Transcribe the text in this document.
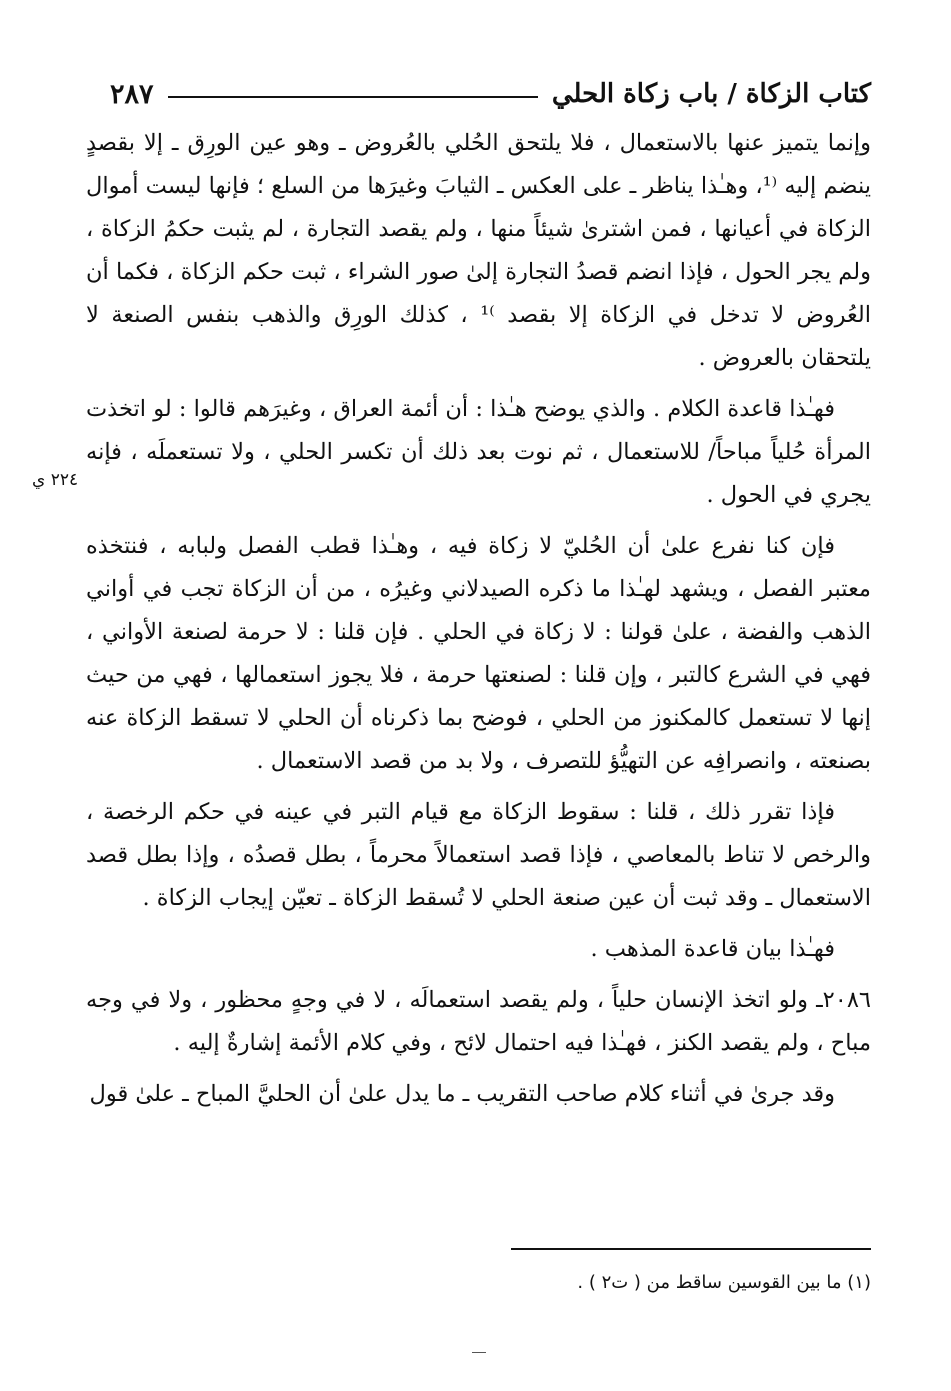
كتاب الزكاة / باب زكاة الحلي
٢٨٧

وإنما يتميز عنها بالاستعمال ، فلا يلتحق الحُلي بالعُروض ـ وهو عين الورِق ـ إلا بقصدٍ ينضم إليه ⁽¹، وهـٰذا يناظر ـ على العكس ـ الثيابَ وغيرَها من السلع ؛ فإنها ليست أموال الزكاة في أعيانها ، فمن اشترىٰ شيئاً منها ، ولم يقصد التجارة ، لم يثبت حكمُ الزكاة ، ولم يجر الحول ، فإذا انضم قصدُ التجارة إلىٰ صور الشراء ، ثبت حكم الزكاة ، فكما أن العُروض لا تدخل في الزكاة إلا بقصد ⁾¹ ، كذلك الورِق والذهب بنفس الصنعة لا يلتحقان بالعروض .

فهـٰذا قاعدة الكلام . والذي يوضح هـٰذا : أن أئمة العراق ، وغيرَهم قالوا : لو اتخذت المرأة حُلياً مباحاً/ للاستعمال ، ثم نوت بعد ذلك أن تكسر الحلي ، ولا تستعملَه ، فإنه يجري في الحول .

فإن كنا نفرع علىٰ أن الحُليّ لا زكاة فيه ، وهـٰذا قطب الفصل ولبابه ، فنتخذه معتبر الفصل ، ويشهد لهـٰذا ما ذكره الصيدلاني وغيرُه ، من أن الزكاة تجب في أواني الذهب والفضة ، علىٰ قولنا : لا زكاة في الحلي . فإن قلنا : لا حرمة لصنعة الأواني ، فهي في الشرع كالتبر ، وإن قلنا : لصنعتها حرمة ، فلا يجوز استعمالها ، فهي من حيث إنها لا تستعمل كالمكنوز من الحلي ، فوضح بما ذكرناه أن الحلي لا تسقط الزكاة عنه بصنعته ، وانصرافِه عن التهيُّؤ للتصرف ، ولا بد من قصد الاستعمال .

فإذا تقرر ذلك ، قلنا : سقوط الزكاة مع قيام التبر في عينه في حكم الرخصة ، والرخص لا تناط بالمعاصي ، فإذا قصد استعمالاً محرماً ، بطل قصدُه ، وإذا بطل قصد الاستعمال ـ وقد ثبت أن عين صنعة الحلي لا تُسقط الزكاة ـ تعيّن إيجاب الزكاة .

فهـٰذا بيان قاعدة المذهب .

٢٠٨٦ـ ولو اتخذ الإنسان حلياً ، ولم يقصد استعمالَه ، لا في وجهٍ محظور ، ولا في وجه مباح ، ولم يقصد الكنز ، فهـٰذا فيه احتمال لائح ، وفي كلام الأئمة إشارةٌ إليه .

وقد جرىٰ في أثناء كلام صاحب التقريب ـ ما يدل علىٰ أن الحليَّ المباح ـ علىٰ قول

٢٢٤ ي
(١) ما بين القوسين ساقط من ( ت٢ ) .
